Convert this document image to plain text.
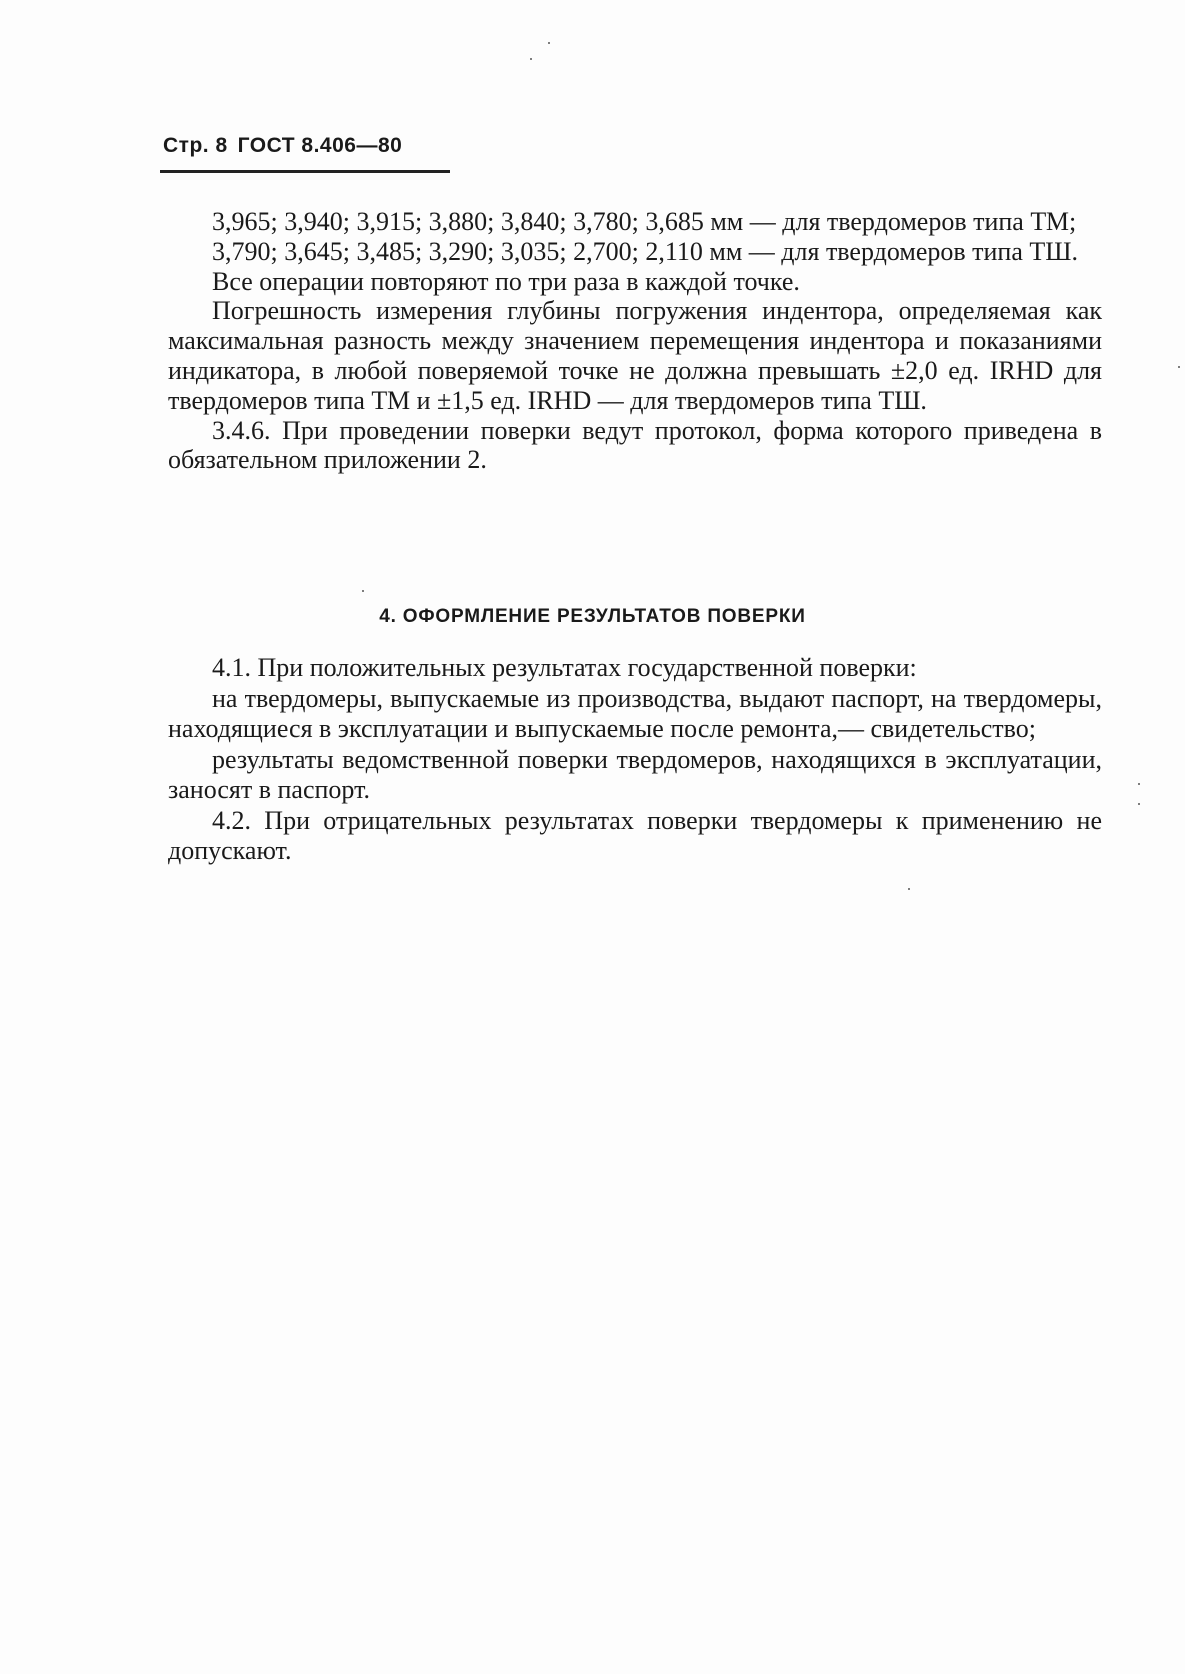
Стр. 8 ГОСТ 8.406—80

3,965; 3,940; 3,915; 3,880; 3,840; 3,780; 3,685 мм — для твердомеров типа ТМ;

3,790; 3,645; 3,485; 3,290; 3,035; 2,700; 2,110 мм — для твердомеров типа ТШ.

Все операции повторяют по три раза в каждой точке.

Погрешность измерения глубины погружения индентора, определяемая как максимальная разность между значением перемещения индентора и показаниями индикатора, в любой поверяемой точке не должна превышать ±2,0 ед. IRHD для твердомеров типа ТМ и ±1,5 ед. IRHD — для твердомеров типа ТШ.

3.4.6. При проведении поверки ведут протокол, форма которого приведена в обязательном приложении 2.

4. ОФОРМЛЕНИЕ РЕЗУЛЬТАТОВ ПОВЕРКИ

4.1. При положительных результатах государственной поверки:

на твердомеры, выпускаемые из производства, выдают паспорт, на твердомеры, находящиеся в эксплуатации и выпускаемые после ремонта,— свидетельство;

результаты ведомственной поверки твердомеров, находящихся в эксплуатации, заносят в паспорт.

4.2. При отрицательных результатах поверки твердомеры к применению не допускают.
